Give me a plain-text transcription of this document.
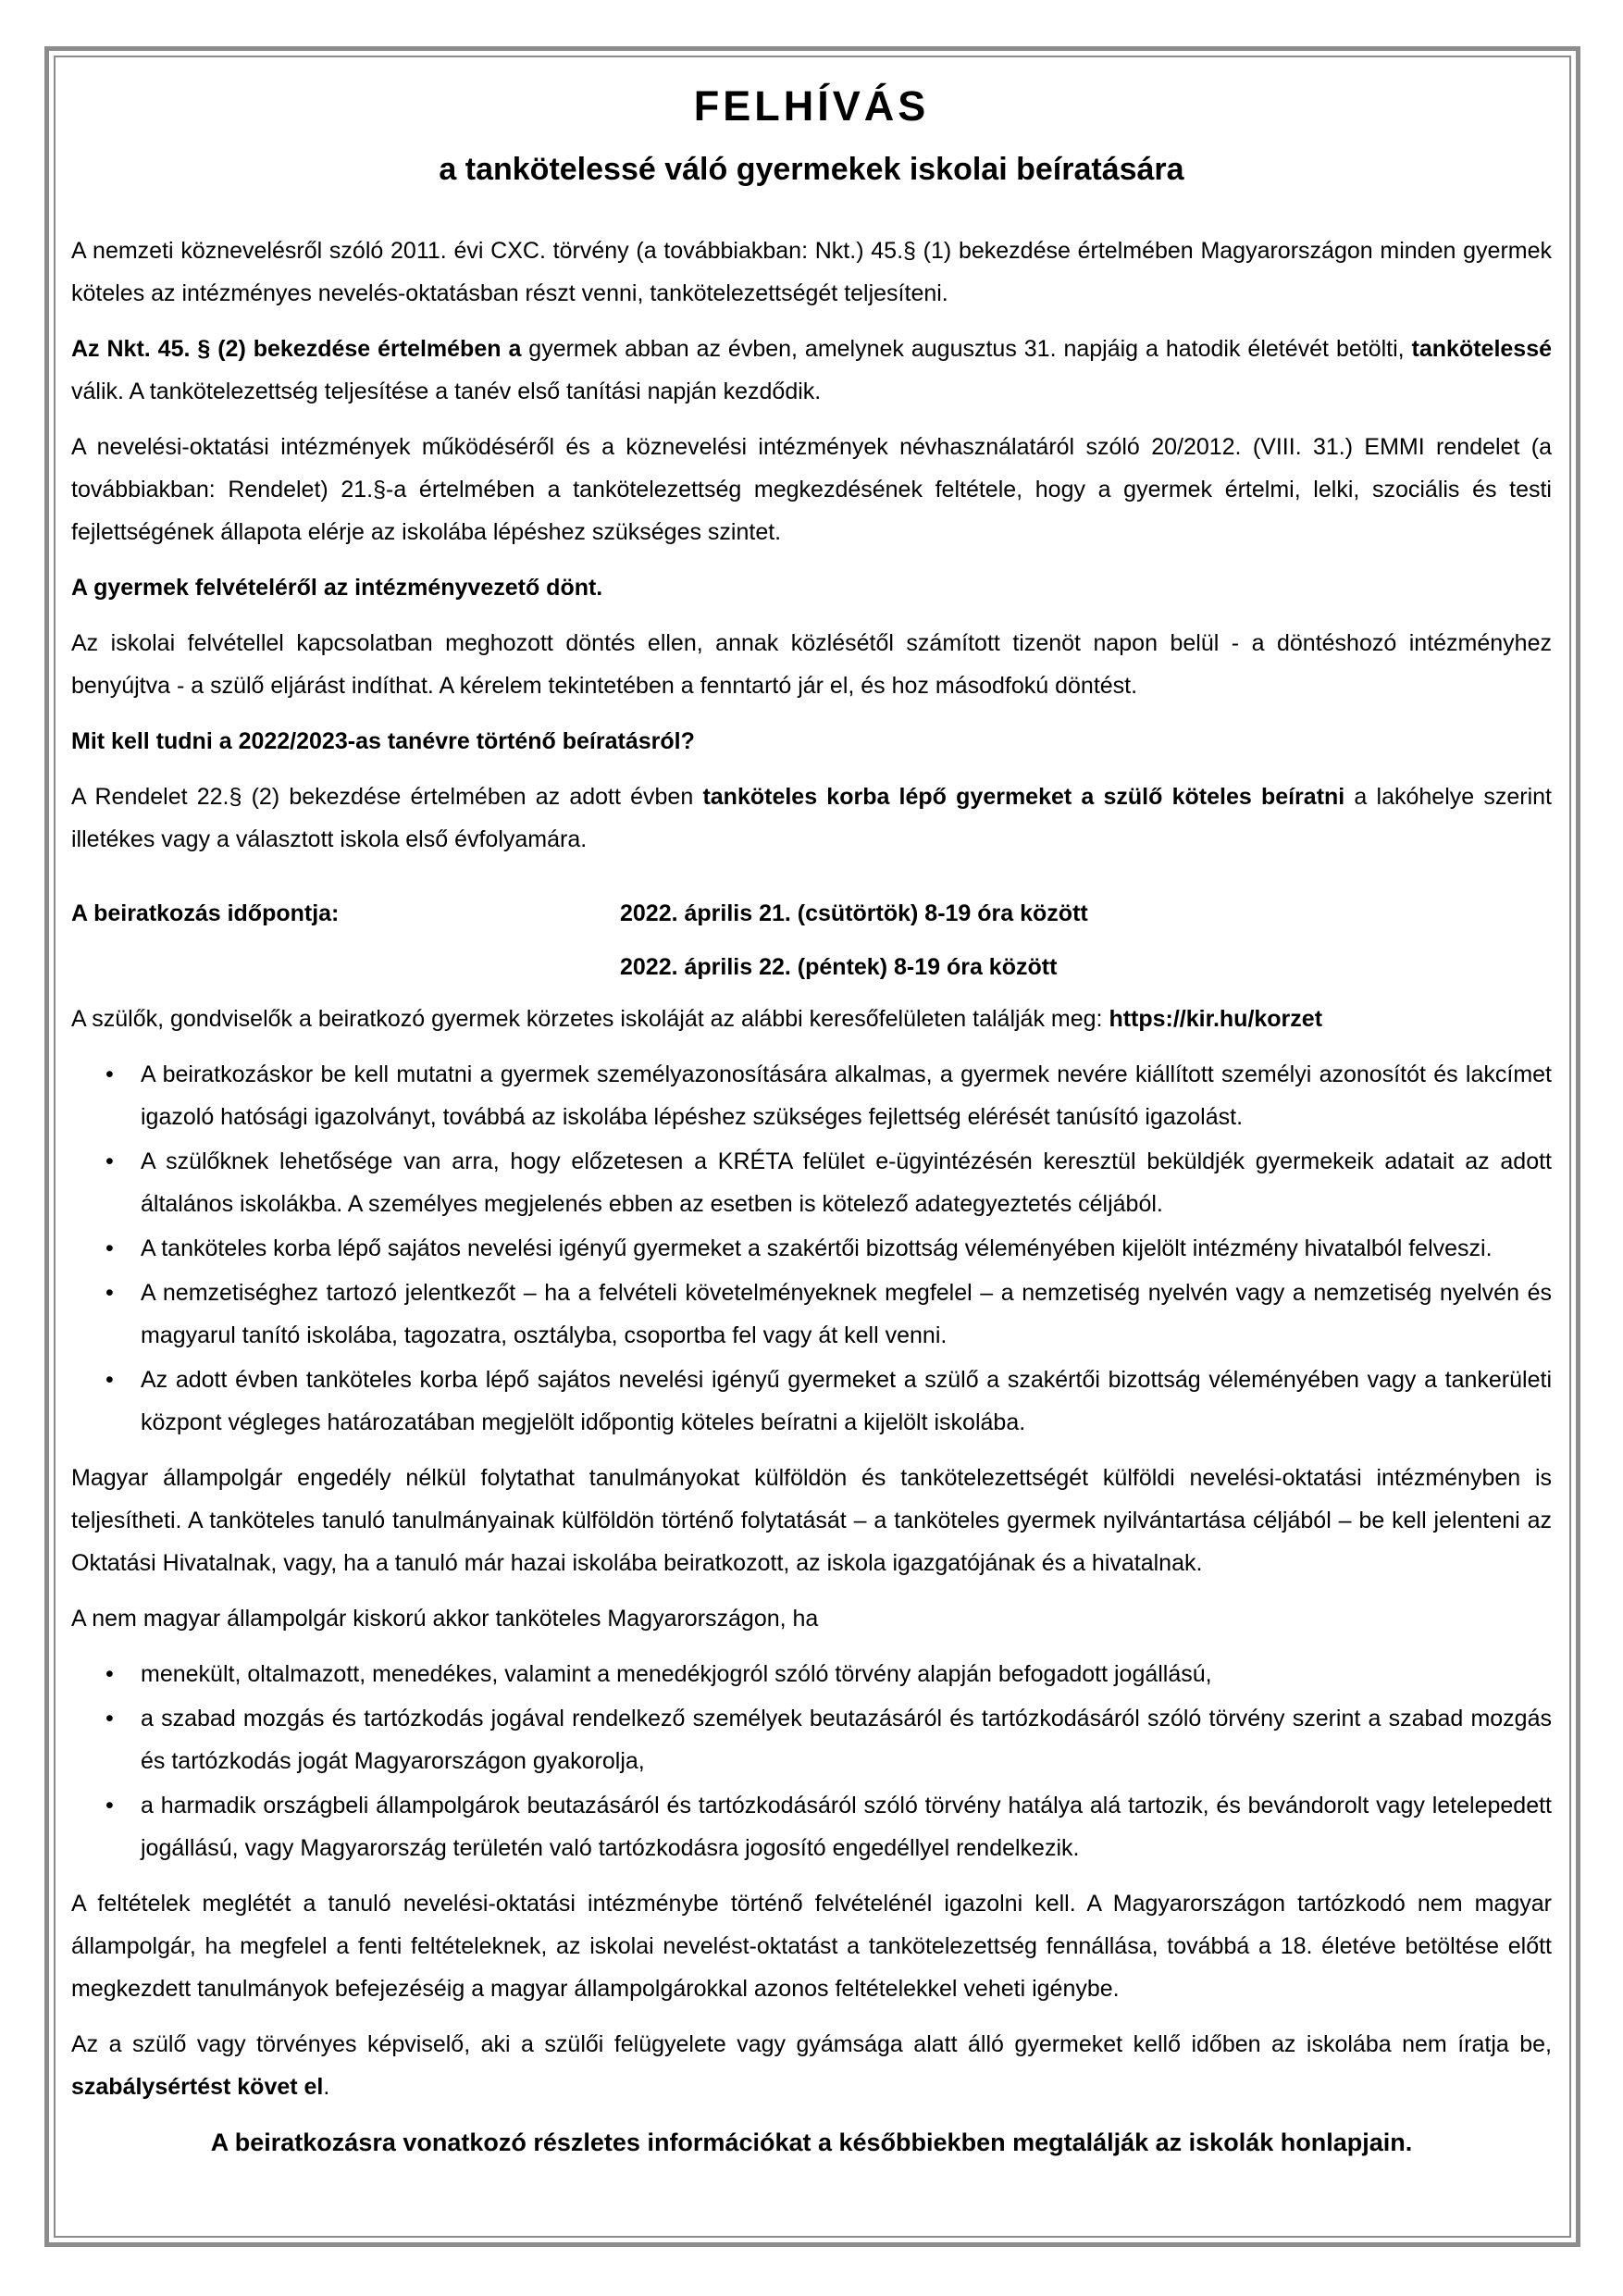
FELHÍVÁS
a tankötelessé váló gyermekek iskolai beíratására

A nemzeti köznevelésről szóló 2011. évi CXC. törvény (a továbbiakban: Nkt.) 45.§ (1) bekezdése értelmében Magyarországon minden gyermek köteles az intézményes nevelés-oktatásban részt venni, tankötelezettségét teljesíteni.

Az Nkt. 45. § (2) bekezdése értelmében a gyermek abban az évben, amelynek augusztus 31. napjáig a hatodik életévét betölti, tankötelessé válik. A tankötelezettség teljesítése a tanév első tanítási napján kezdődik.

A nevelési-oktatási intézmények működéséről és a köznevelési intézmények névhasználatáról szóló 20/2012. (VIII. 31.) EMMI rendelet (a továbbiakban: Rendelet) 21.§-a értelmében a tankötelezettség megkezdésének feltétele, hogy a gyermek értelmi, lelki, szociális és testi fejlettségének állapota elérje az iskolába lépéshez szükséges szintet.

A gyermek felvételéről az intézményvezető dönt.

Az iskolai felvétellel kapcsolatban meghozott döntés ellen, annak közlésétől számított tizenöt napon belül - a döntéshozó intézményhez benyújtva - a szülő eljárást indíthat. A kérelem tekintetében a fenntartó jár el, és hoz másodfokú döntést.

Mit kell tudni a 2022/2023-as tanévre történő beíratásról?

A Rendelet 22.§ (2) bekezdése értelmében az adott évben tanköteles korba lépő gyermeket a szülő köteles beíratni a lakóhelye szerint illetékes vagy a választott iskola első évfolyamára.

A beiratkozás időpontja:	2022. április 21. (csütörtök) 8-19 óra között
2022. április 22. (péntek) 8-19 óra között

A szülők, gondviselők a beiratkozó gyermek körzetes iskoláját az alábbi keresőfelületen találják meg: https://kir.hu/korzet

• A beiratkozáskor be kell mutatni a gyermek személyazonosítására alkalmas, a gyermek nevére kiállított személyi azonosítót és lakcímet igazoló hatósági igazolványt, továbbá az iskolába lépéshez szükséges fejlettség elérését tanúsító igazolást.
• A szülőknek lehetősége van arra, hogy előzetesen a KRÉTA felület e-ügyintézésén keresztül beküldjék gyermekeik adatait az adott általános iskolákba. A személyes megjelenés ebben az esetben is kötelező adategyeztetés céljából.
• A tanköteles korba lépő sajátos nevelési igényű gyermeket a szakértői bizottság véleményében kijelölt intézmény hivatalból felveszi.
• A nemzetiséghez tartozó jelentkezőt – ha a felvételi követelményeknek megfelel – a nemzetiség nyelvén vagy a nemzetiség nyelvén és magyarul tanító iskolába, tagozatra, osztályba, csoportba fel vagy át kell venni.
• Az adott évben tanköteles korba lépő sajátos nevelési igényű gyermeket a szülő a szakértői bizottság véleményében vagy a tankerületi központ végleges határozatában megjelölt időpontig köteles beíratni a kijelölt iskolába.

Magyar állampolgár engedély nélkül folytathat tanulmányokat külföldön és tankötelezettségét külföldi nevelési-oktatási intézményben is teljesítheti. A tanköteles tanuló tanulmányainak külföldön történő folytatását – a tanköteles gyermek nyilvántartása céljából – be kell jelenteni az Oktatási Hivatalnak, vagy, ha a tanuló már hazai iskolába beiratkozott, az iskola igazgatójának és a hivatalnak.

A nem magyar állampolgár kiskorú akkor tanköteles Magyarországon, ha

• menekült, oltalmazott, menedékes, valamint a menedékjogról szóló törvény alapján befogadott jogállású,
• a szabad mozgás és tartózkodás jogával rendelkező személyek beutazásáról és tartózkodásáról szóló törvény szerint a szabad mozgás és tartózkodás jogát Magyarországon gyakorolja,
• a harmadik országbeli állampolgárok beutazásáról és tartózkodásáról szóló törvény hatálya alá tartozik, és bevándorolt vagy letelepedett jogállású, vagy Magyarország területén való tartózkodásra jogosító engedéllyel rendelkezik.

A feltételek meglétét a tanuló nevelési-oktatási intézménybe történő felvételénél igazolni kell. A Magyarországon tartózkodó nem magyar állampolgár, ha megfelel a fenti feltételeknek, az iskolai nevelést-oktatást a tankötelezettség fennállása, továbbá a 18. életéve betöltése előtt megkezdett tanulmányok befejezéséig a magyar állampolgárokkal azonos feltételekkel veheti igénybe.

Az a szülő vagy törvényes képviselő, aki a szülői felügyelete vagy gyámsága alatt álló gyermeket kellő időben az iskolába nem íratja be, szabálysértést követ el.

A beiratkozásra vonatkozó részletes információkat a későbbiekben megtalálják az iskolák honlapjain.
